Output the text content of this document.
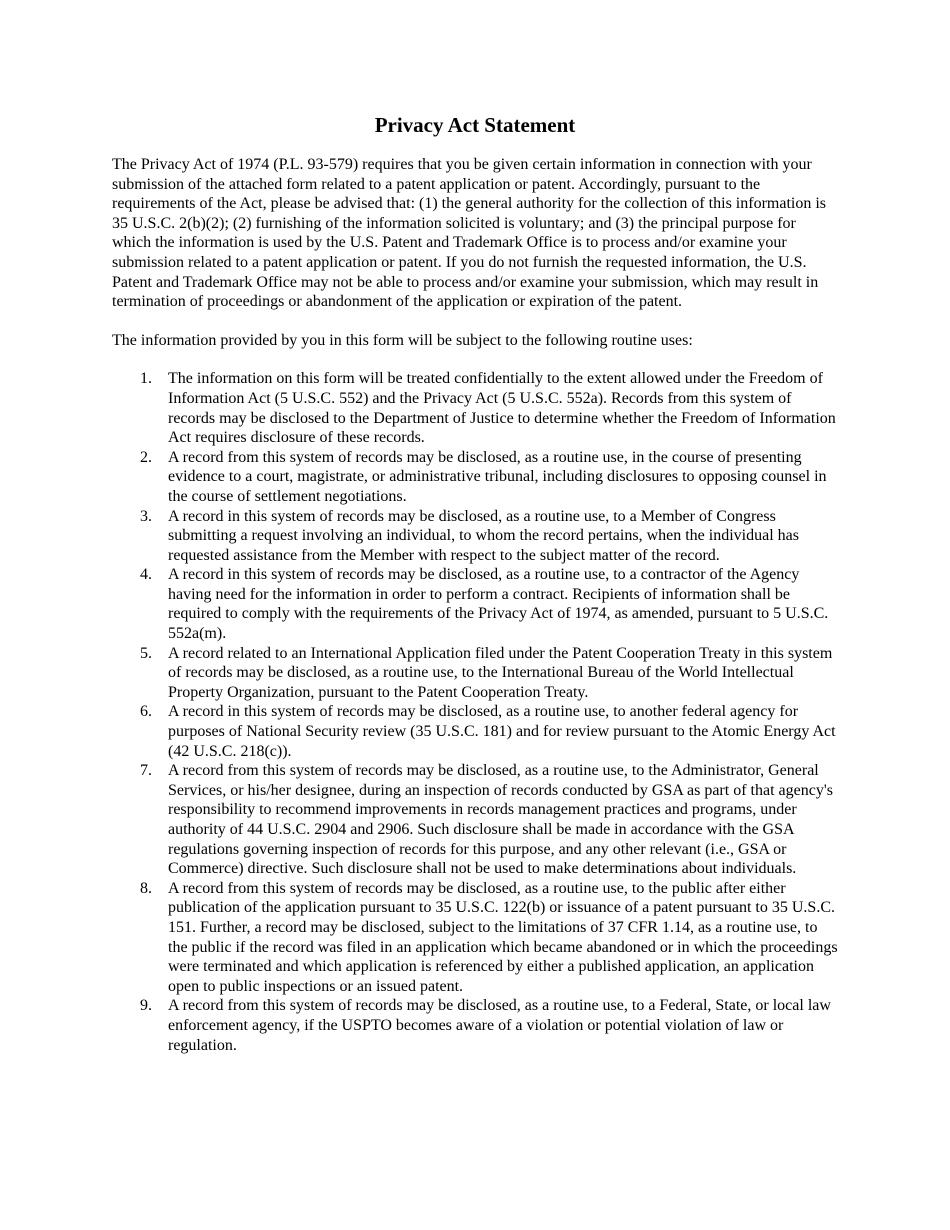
Privacy Act Statement

The Privacy Act of 1974 (P.L. 93-579) requires that you be given certain information in connection with your submission of the attached form related to a patent application or patent. Accordingly, pursuant to the requirements of the Act, please be advised that: (1) the general authority for the collection of this information is 35 U.S.C. 2(b)(2); (2) furnishing of the information solicited is voluntary; and (3) the principal purpose for which the information is used by the U.S. Patent and Trademark Office is to process and/or examine your submission related to a patent application or patent. If you do not furnish the requested information, the U.S. Patent and Trademark Office may not be able to process and/or examine your submission, which may result in termination of proceedings or abandonment of the application or expiration of the patent.

The information provided by you in this form will be subject to the following routine uses:

1. The information on this form will be treated confidentially to the extent allowed under the Freedom of Information Act (5 U.S.C. 552) and the Privacy Act (5 U.S.C. 552a). Records from this system of records may be disclosed to the Department of Justice to determine whether the Freedom of Information Act requires disclosure of these records.
2. A record from this system of records may be disclosed, as a routine use, in the course of presenting evidence to a court, magistrate, or administrative tribunal, including disclosures to opposing counsel in the course of settlement negotiations.
3. A record in this system of records may be disclosed, as a routine use, to a Member of Congress submitting a request involving an individual, to whom the record pertains, when the individual has requested assistance from the Member with respect to the subject matter of the record.
4. A record in this system of records may be disclosed, as a routine use, to a contractor of the Agency having need for the information in order to perform a contract. Recipients of information shall be required to comply with the requirements of the Privacy Act of 1974, as amended, pursuant to 5 U.S.C. 552a(m).
5. A record related to an International Application filed under the Patent Cooperation Treaty in this system of records may be disclosed, as a routine use, to the International Bureau of the World Intellectual Property Organization, pursuant to the Patent Cooperation Treaty.
6. A record in this system of records may be disclosed, as a routine use, to another federal agency for purposes of National Security review (35 U.S.C. 181) and for review pursuant to the Atomic Energy Act (42 U.S.C. 218(c)).
7. A record from this system of records may be disclosed, as a routine use, to the Administrator, General Services, or his/her designee, during an inspection of records conducted by GSA as part of that agency's responsibility to recommend improvements in records management practices and programs, under authority of 44 U.S.C. 2904 and 2906. Such disclosure shall be made in accordance with the GSA regulations governing inspection of records for this purpose, and any other relevant (i.e., GSA or Commerce) directive. Such disclosure shall not be used to make determinations about individuals.
8. A record from this system of records may be disclosed, as a routine use, to the public after either publication of the application pursuant to 35 U.S.C. 122(b) or issuance of a patent pursuant to 35 U.S.C. 151. Further, a record may be disclosed, subject to the limitations of 37 CFR 1.14, as a routine use, to the public if the record was filed in an application which became abandoned or in which the proceedings were terminated and which application is referenced by either a published application, an application open to public inspections or an issued patent.
9. A record from this system of records may be disclosed, as a routine use, to a Federal, State, or local law enforcement agency, if the USPTO becomes aware of a violation or potential violation of law or regulation.
